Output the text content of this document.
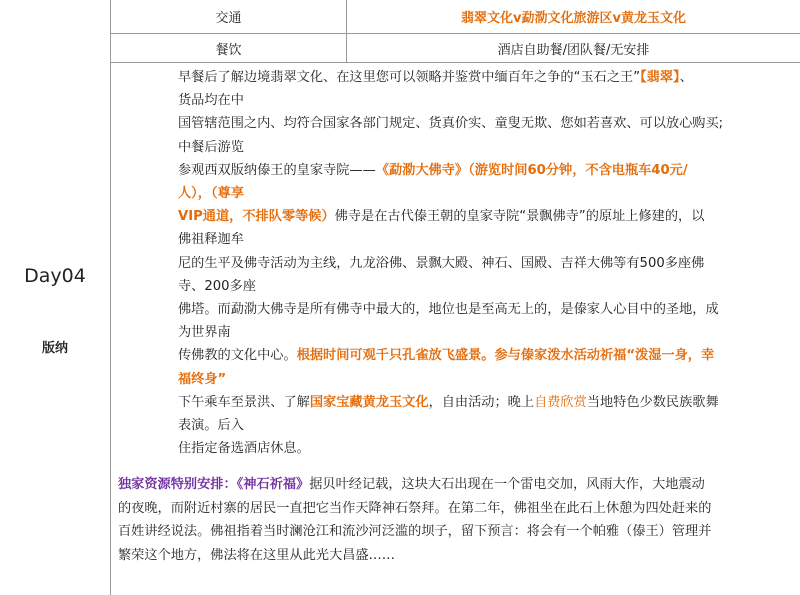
Day04
版纳
交通	翡翠文化v勐泐文化旅游区v黄龙玉文化
餐饮	酒店自助餐/团队餐/无安排

早餐后了解边境翡翠文化、在这里您可以领略并鉴赏中缅百年之争的“玉石之王”【翡翠】、

货品均在中

国管辖范围之内、均符合国家各部门规定、货真价实、童叟无欺、您如若喜欢、可以放心购买;

中餐后游览

参观西双版纳傣王的皇家寺院——《勐泐大佛寺》（游览时间60分钟，不含电瓶车40元/

人），（尊享

VIP通道，不排队零等候）佛寺是在古代傣王朝的皇家寺院“景飘佛寺”的原址上修建的，以

佛祖释迦牟

尼的生平及佛寺活动为主线，九龙浴佛、景飘大殿、神石、国殿、吉祥大佛等有500多座佛

寺、200多座

佛塔。而勐泐大佛寺是所有佛寺中最大的，地位也是至高无上的，是傣家人心目中的圣地，成

为世界南

传佛教的文化中心。根据时间可观千只孔雀放飞盛景。参与傣家泼水活动祈福“泼湿一身，幸

福终身”

下午乘车至景洪、了解国家宝藏黄龙玉文化，自由活动；晚上自费欣赏当地特色少数民族歌舞

表演。后入

住指定备选酒店休息。

独家资源特别安排：《神石祈福》据贝叶经记载，这块大石出现在一个雷电交加，风雨大作，大地震动

的夜晚，而附近村寨的居民一直把它当作天降神石祭拜。在第二年，佛祖坐在此石上休憩为四处赶来的

百姓讲经说法。佛祖指着当时澜沧江和流沙河泛滥的坝子，留下预言：将会有一个帕雅（傣王）管理并

繁荣这个地方，佛法将在这里从此光大昌盛……
